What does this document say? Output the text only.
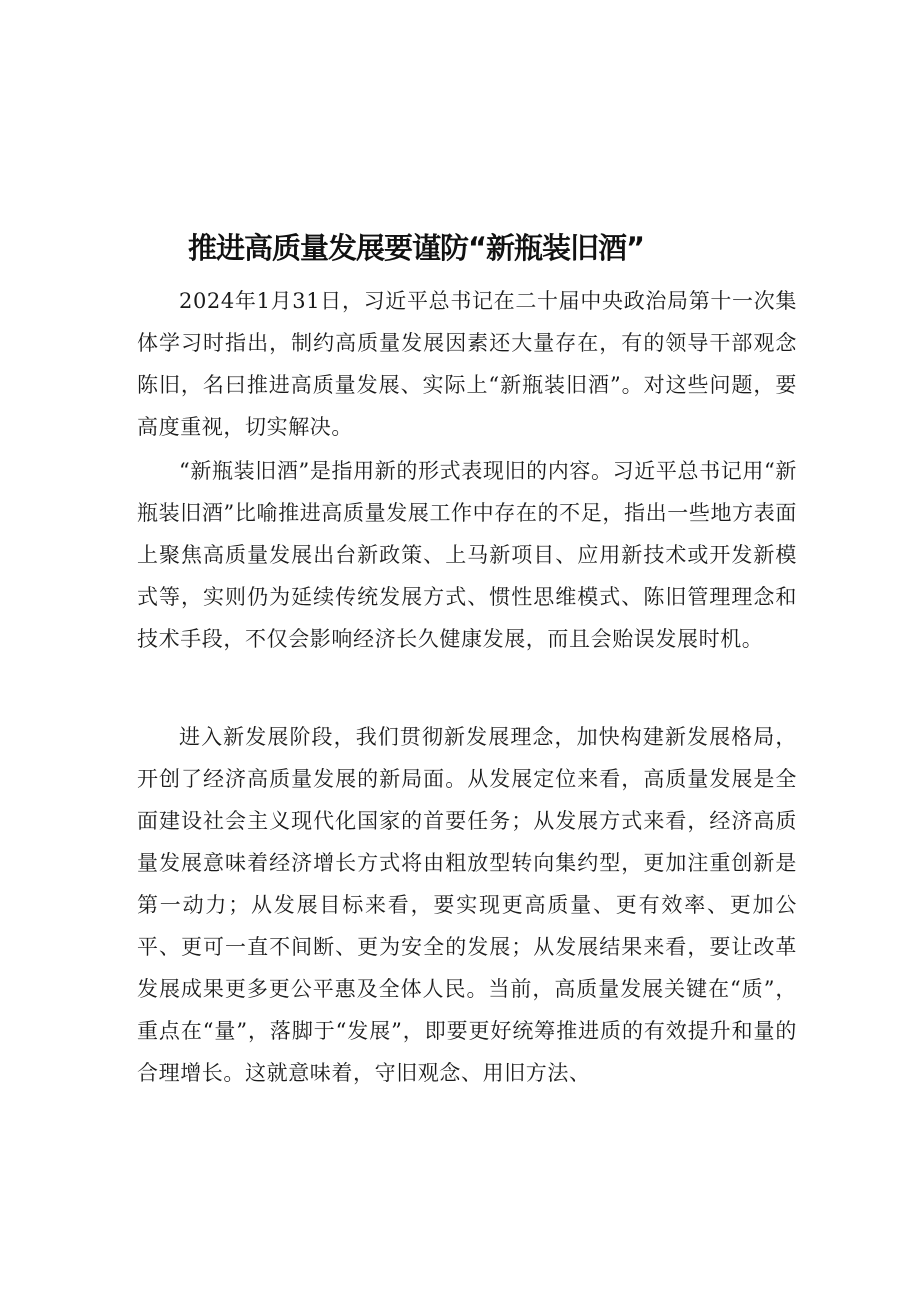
推进高质量发展要谨防“新瓶装旧酒”

2024年1月31日，习近平总书记在二十届中央政治局第十一次集体学习时指出，制约高质量发展因素还大量存在，有的领导干部观念陈旧，名曰推进高质量发展、实际上“新瓶装旧酒”。对这些问题，要高度重视，切实解决。

“新瓶装旧酒”是指用新的形式表现旧的内容。习近平总书记用“新瓶装旧酒”比喻推进高质量发展工作中存在的不足，指出一些地方表面上聚焦高质量发展出台新政策、上马新项目、应用新技术或开发新模式等，实则仍为延续传统发展方式、惯性思维模式、陈旧管理理念和技术手段，不仅会影响经济长久健康发展，而且会贻误发展时机。

进入新发展阶段，我们贯彻新发展理念，加快构建新发展格局，开创了经济高质量发展的新局面。从发展定位来看，高质量发展是全面建设社会主义现代化国家的首要任务；从发展方式来看，经济高质量发展意味着经济增长方式将由粗放型转向集约型，更加注重创新是第一动力；从发展目标来看，要实现更高质量、更有效率、更加公平、更可一直不间断、更为安全的发展；从发展结果来看，要让改革发展成果更多更公平惠及全体人民。当前，高质量发展关键在“质”，重点在“量”，落脚于“发展”，即要更好统筹推进质的有效提升和量的合理增长。这就意味着，守旧观念、用旧方法、
